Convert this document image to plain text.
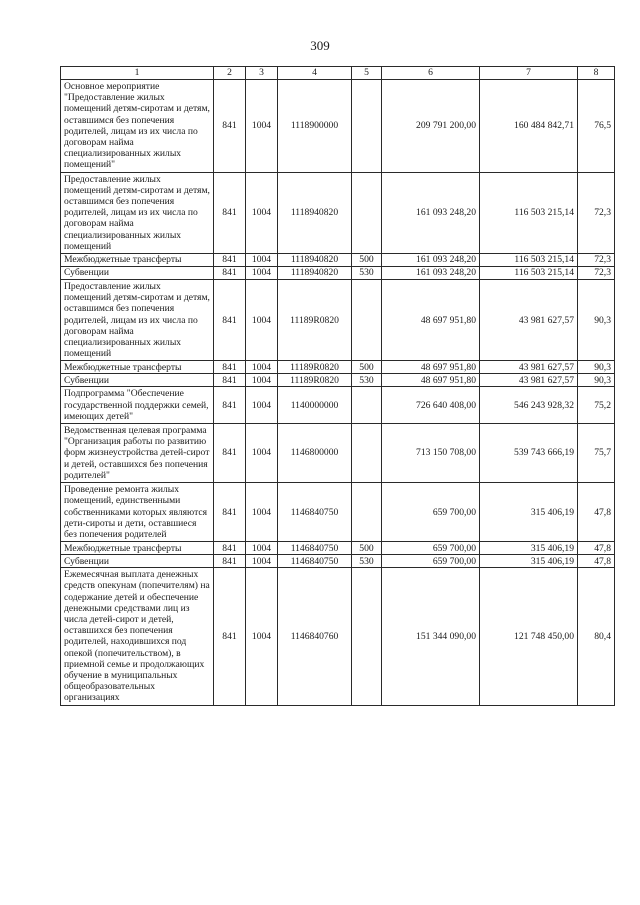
309
1	2	3	4	5	6	7	8
Основное мероприятие "Предоставление жилых помещений детям-сиротам и детям, оставшимся без попечения родителей, лицам из их числа по договорам найма специализированных жилых помещений"	841	1004	1118900000		209 791 200,00	160 484 842,71	76,5
Предоставление жилых помещений детям-сиротам и детям, оставшимся без попечения родителей, лицам из их числа по договорам найма специализированных жилых помещений	841	1004	1118940820		161 093 248,20	116 503 215,14	72,3
Межбюджетные трансферты	841	1004	1118940820	500	161 093 248,20	116 503 215,14	72,3
Субвенции	841	1004	1118940820	530	161 093 248,20	116 503 215,14	72,3
Предоставление жилых помещений детям-сиротам и детям, оставшимся без попечения родителей, лицам из их числа по договорам найма специализированных жилых помещений	841	1004	11189R0820		48 697 951,80	43 981 627,57	90,3
Межбюджетные трансферты	841	1004	11189R0820	500	48 697 951,80	43 981 627,57	90,3
Субвенции	841	1004	11189R0820	530	48 697 951,80	43 981 627,57	90,3
Подпрограмма "Обеспечение государственной поддержки семей, имеющих детей"	841	1004	1140000000		726 640 408,00	546 243 928,32	75,2
Ведомственная целевая программа "Организация работы по развитию форм жизнеустройства детей-сирот и детей, оставшихся без попечения родителей"	841	1004	1146800000		713 150 708,00	539 743 666,19	75,7
Проведение ремонта жилых помещений, единственными собственниками которых являются дети-сироты и дети, оставшиеся без попечения родителей	841	1004	1146840750		659 700,00	315 406,19	47,8
Межбюджетные трансферты	841	1004	1146840750	500	659 700,00	315 406,19	47,8
Субвенции	841	1004	1146840750	530	659 700,00	315 406,19	47,8
Ежемесячная выплата денежных средств опекунам (попечителям) на содержание детей и обеспечение денежными средствами лиц из числа детей-сирот и детей, оставшихся без попечения родителей, находившихся под опекой (попечительством), в приемной семье и продолжающих обучение в муниципальных общеобразовательных организациях	841	1004	1146840760		151 344 090,00	121 748 450,00	80,4
